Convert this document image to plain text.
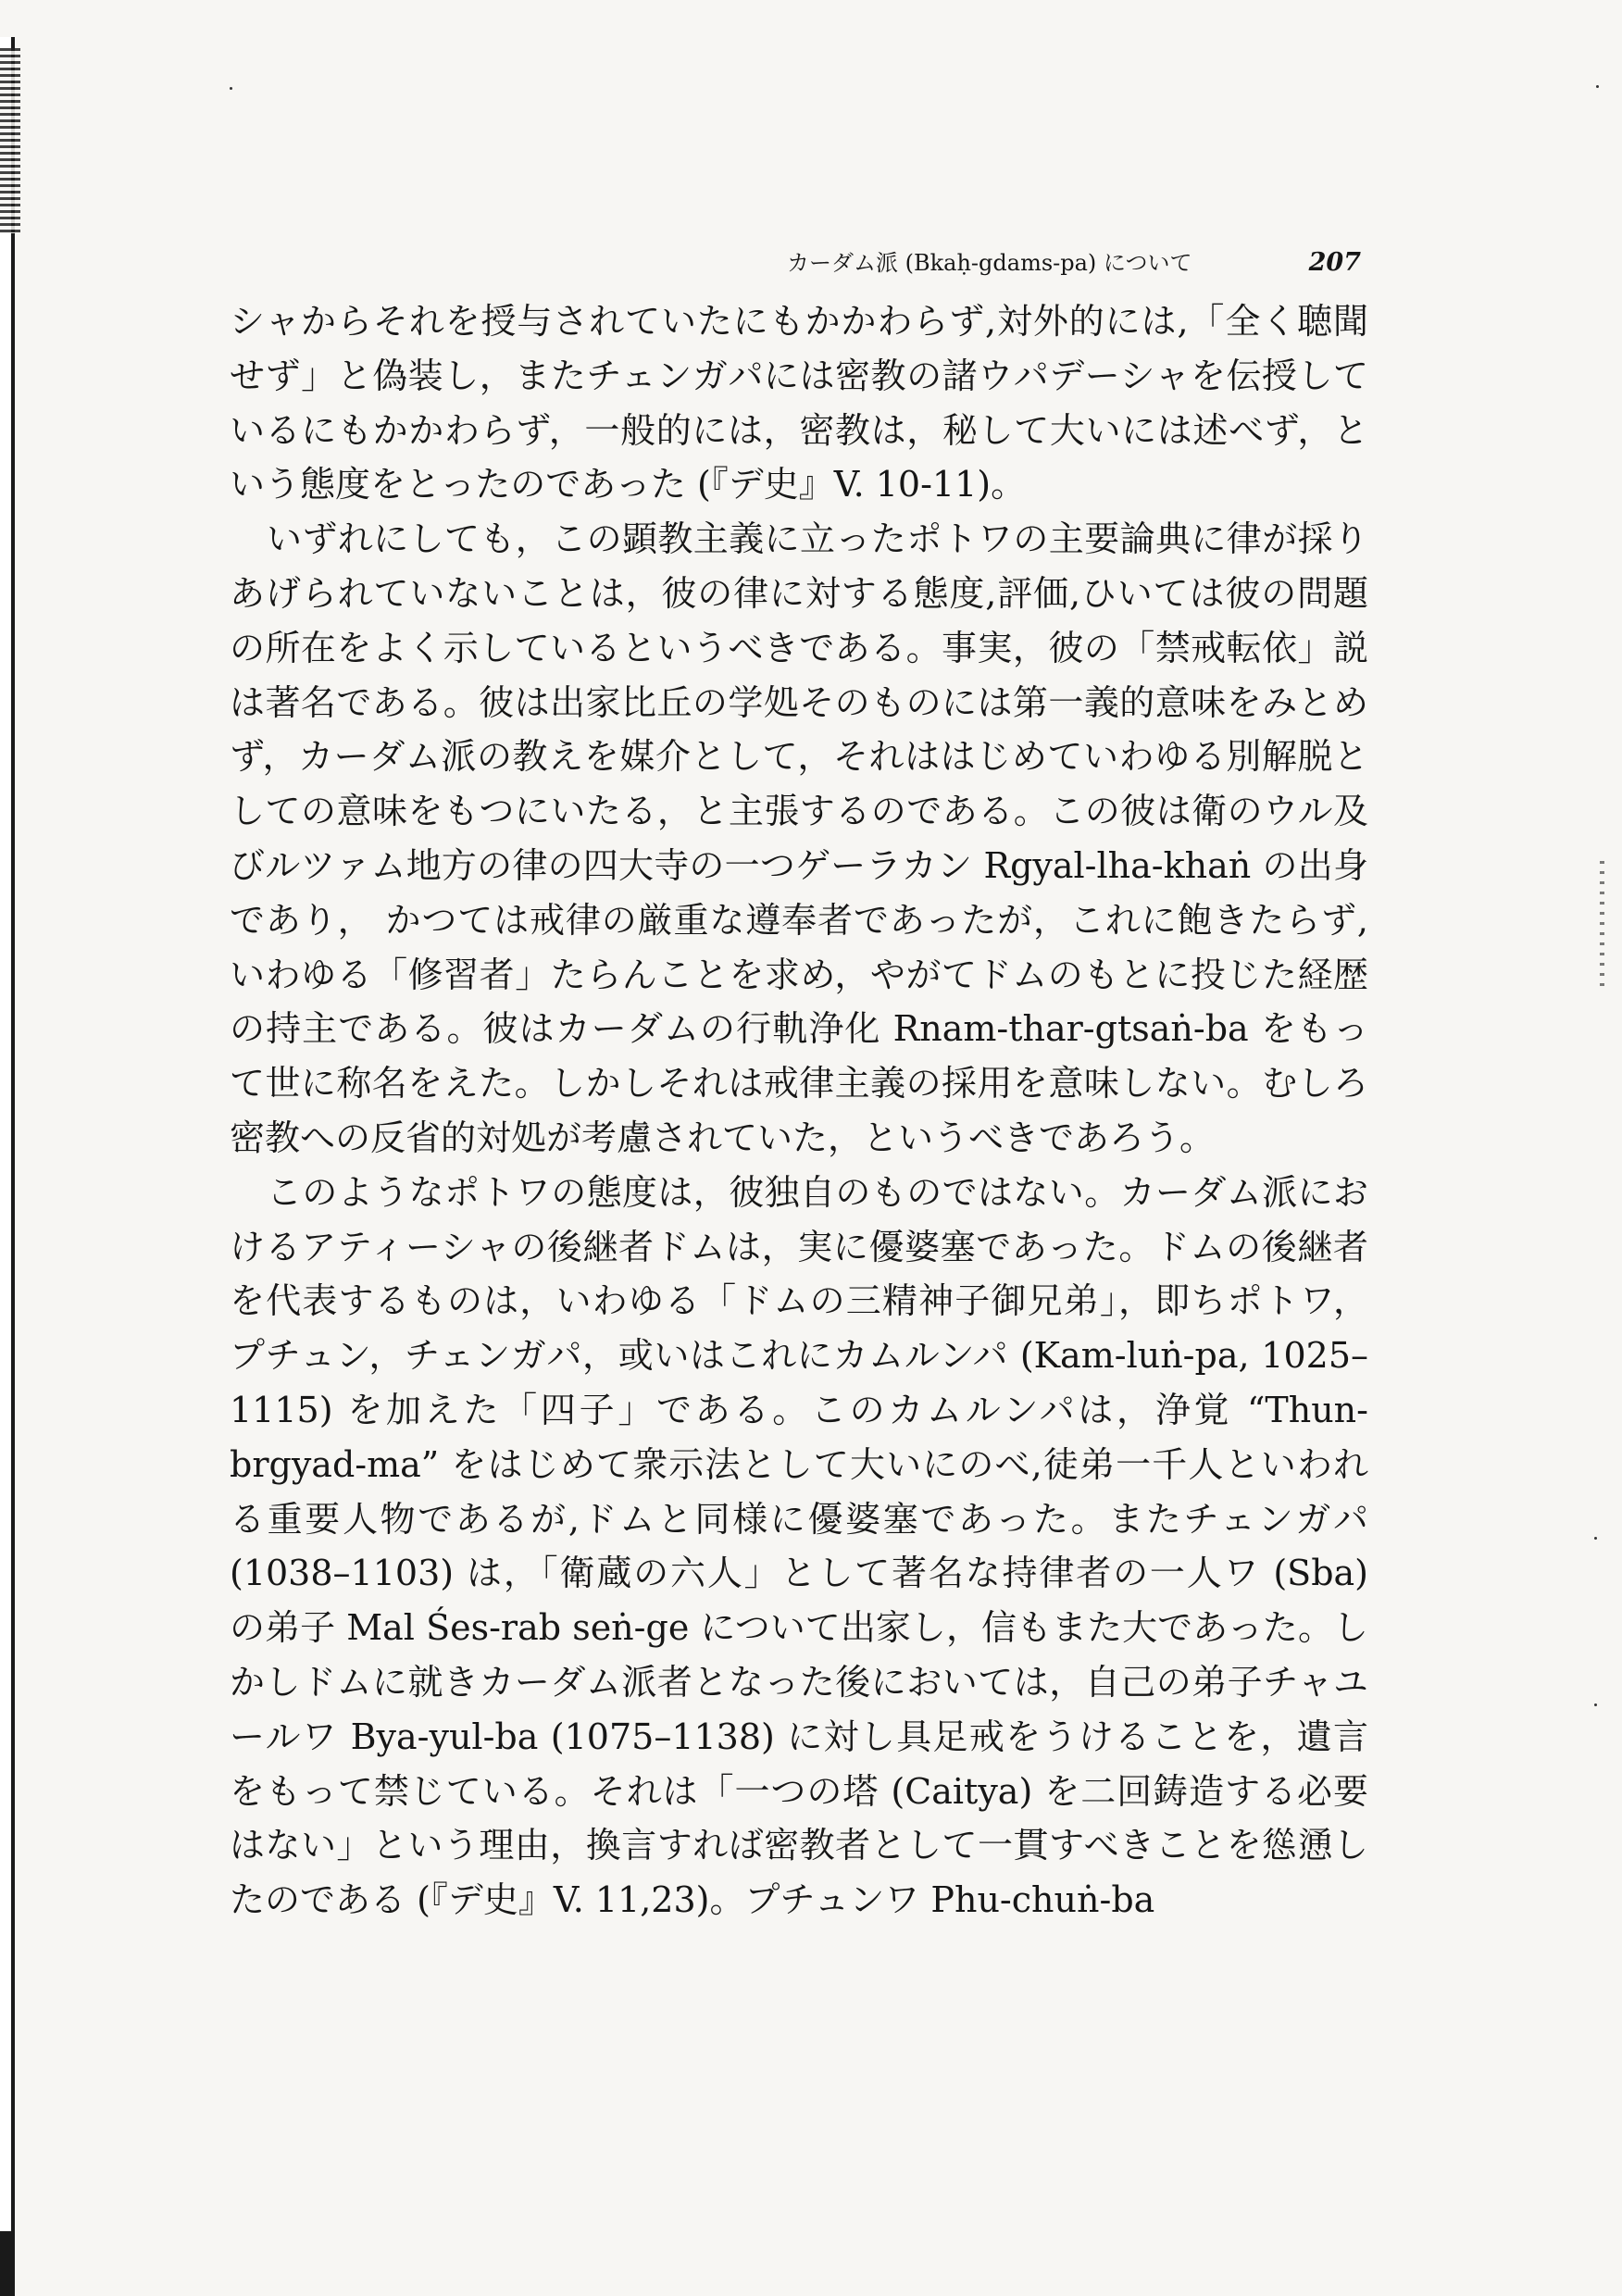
カーダム派 (Bkaḥ-gdams-pa) について	207

シャからそれを授与されていたにもかかわらず,対外的には,「全く聴聞せず」と偽装し，またチェンガパには密教の諸ウパデーシャを伝授しているにもかかわらず，一般的には，密教は，秘して大いには述べず，という態度をとったのであった (『デ史』V. 10-11)。

いずれにしても，この顕教主義に立ったポトワの主要論典に律が採りあげられていないことは，彼の律に対する態度,評価,ひいては彼の問題の所在をよく示しているというべきである。事実，彼の「禁戒転依」説は著名である。彼は出家比丘の学処そのものには第一義的意味をみとめず，カーダム派の教えを媒介として，それははじめていわゆる別解脱としての意味をもつにいたる，と主張するのである。この彼は衛のウル及びルツァム地方の律の四大寺の一つゲーラカン Rgyal-lha-khaṅ の出身であり， かつては戒律の厳重な遵奉者であったが，これに飽きたらず,いわゆる「修習者」たらんことを求め，やがてドムのもとに投じた経歴の持主である。彼はカーダムの行軌浄化 Rnam-thar-gtsaṅ-ba をもって世に称名をえた。しかしそれは戒律主義の採用を意味しない。むしろ密教への反省的対処が考慮されていた，というべきであろう。

このようなポトワの態度は，彼独自のものではない。カーダム派におけるアティーシャの後継者ドムは，実に優婆塞であった。ドムの後継者を代表するものは，いわゆる「ドムの三精神子御兄弟」，即ちポトワ，プチュン，チェンガパ，或いはこれにカムルンパ (Kam-luṅ-pa, 1025–1115) を加えた「四子」である。このカムルンパは，浄覚 “Thun-brgyad-ma” をはじめて衆示法として大いにのべ,徒弟一千人といわれる重要人物であるが,ドムと同様に優婆塞であった。またチェンガパ (1038–1103) は，「衛蔵の六人」として著名な持律者の一人ワ (Sba) の弟子 Mal Śes-rab seṅ-ge について出家し，信もまた大であった。しかしドムに就きカーダム派者となった後においては，自己の弟子チャユールワ Bya-yul-ba (1075–1138) に対し具足戒をうけることを，遺言をもって禁じている。それは「一つの塔 (Caitya) を二回鋳造する必要はない」という理由，換言すれば密教者として一貫すべきことを慫慂したのである (『デ史』V. 11,23)。プチュンワ Phu-chuṅ-ba
